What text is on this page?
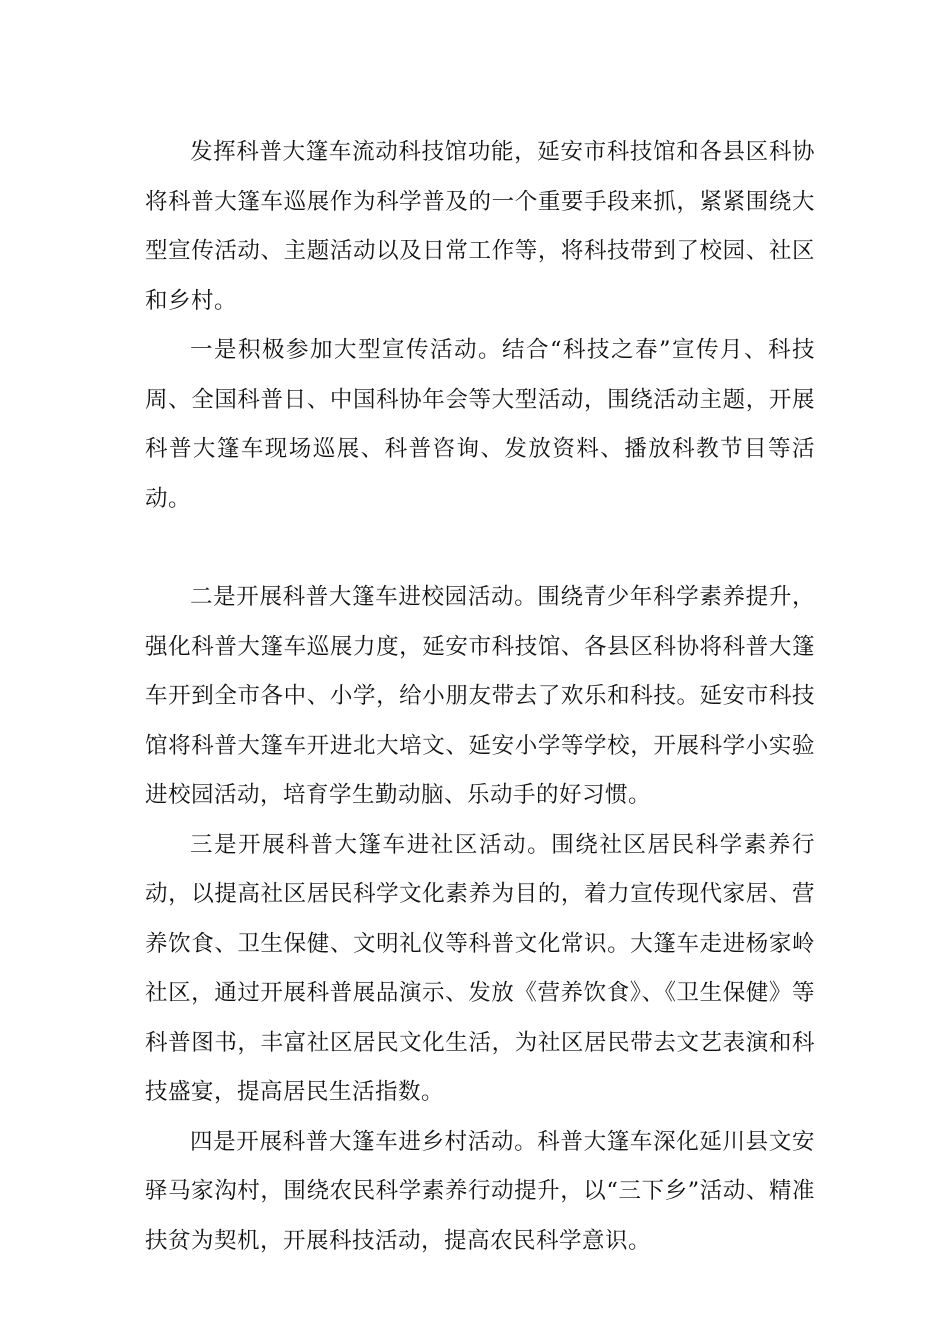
发挥科普大篷车流动科技馆功能，延安市科技馆和各县区科协将科普大篷车巡展作为科学普及的一个重要手段来抓，紧紧围绕大型宣传活动、主题活动以及日常工作等，将科技带到了校园、社区和乡村。

一是积极参加大型宣传活动。结合“科技之春”宣传月、科技周、全国科普日、中国科协年会等大型活动，围绕活动主题，开展科普大篷车现场巡展、科普咨询、发放资料、播放科教节目等活动。

二是开展科普大篷车进校园活动。围绕青少年科学素养提升，强化科普大篷车巡展力度，延安市科技馆、各县区科协将科普大篷车开到全市各中、小学，给小朋友带去了欢乐和科技。延安市科技馆将科普大篷车开进北大培文、延安小学等学校，开展科学小实验进校园活动，培育学生勤动脑、乐动手的好习惯。

三是开展科普大篷车进社区活动。围绕社区居民科学素养行动，以提高社区居民科学文化素养为目的，着力宣传现代家居、营养饮食、卫生保健、文明礼仪等科普文化常识。大篷车走进杨家岭社区，通过开展科普展品演示、发放《营养饮食》、《卫生保健》等科普图书，丰富社区居民文化生活，为社区居民带去文艺表演和科技盛宴，提高居民生活指数。

四是开展科普大篷车进乡村活动。科普大篷车深化延川县文安驿马家沟村，围绕农民科学素养行动提升，以“三下乡”活动、精准扶贫为契机，开展科技活动，提高农民科学意识。
